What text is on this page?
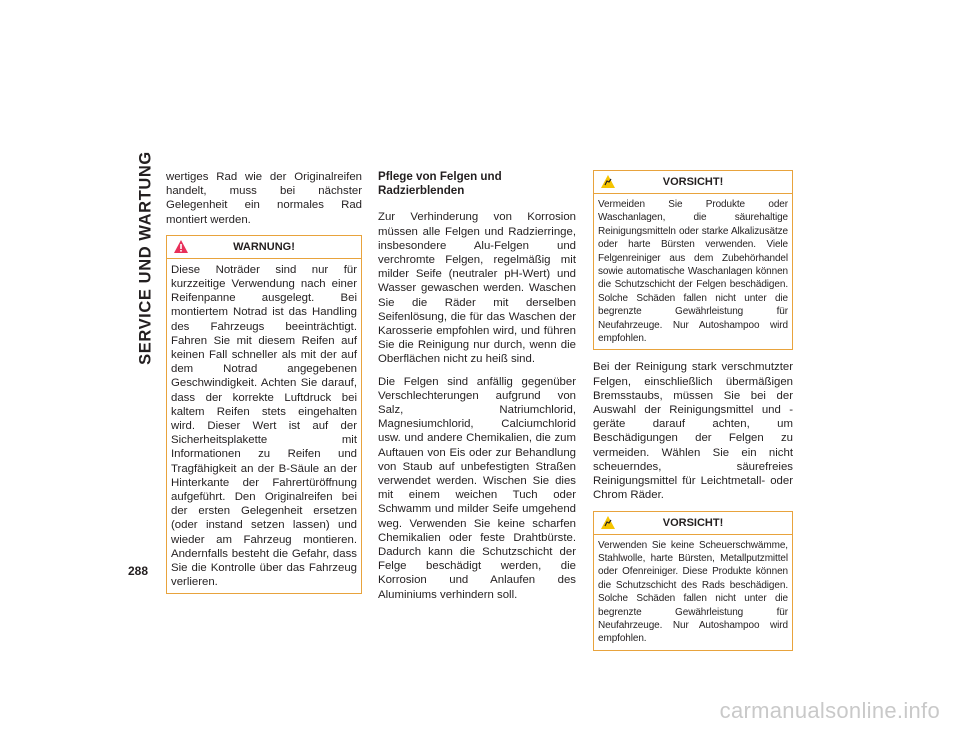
SERVICE UND WARTUNG
288

wertiges Rad wie der Originalreifen handelt, muss bei nächster Gelegenheit ein normales Rad montiert werden.

WARNUNG!

Diese Noträder sind nur für kurzzeitige Verwendung nach einer Reifenpanne ausgelegt. Bei montiertem Notrad ist das Handling des Fahrzeugs beeinträchtigt. Fahren Sie mit diesem Reifen auf keinen Fall schneller als mit der auf dem Notrad angegebenen Geschwindigkeit. Achten Sie darauf, dass der korrekte Luftdruck bei kaltem Reifen stets eingehalten wird. Dieser Wert ist auf der Sicherheitsplakette mit Informationen zu Reifen und Tragfähigkeit an der B-Säule an der Hinterkante der Fahrertüröffnung aufgeführt. Den Originalreifen bei der ersten Gelegenheit ersetzen (oder instand setzen lassen) und wieder am Fahrzeug montieren. Andernfalls besteht die Gefahr, dass Sie die Kontrolle über das Fahrzeug verlieren.

Pflege von Felgen und Radzierblenden

Zur Verhinderung von Korrosion müssen alle Felgen und Radzierringe, insbesondere Alu-Felgen und verchromte Felgen, regelmäßig mit milder Seife (neutraler pH-Wert) und Wasser gewaschen werden. Waschen Sie die Räder mit derselben Seifenlösung, die für das Waschen der Karosserie empfohlen wird, und führen Sie die Reinigung nur durch, wenn die Oberflächen nicht zu heiß sind.

Die Felgen sind anfällig gegenüber Verschlechterungen aufgrund von Salz, Natriumchlorid, Magnesiumchlorid, Calciumchlorid usw. und andere Chemikalien, die zum Auftauen von Eis oder zur Behandlung von Staub auf unbefestigten Straßen verwendet werden. Wischen Sie dies mit einem weichen Tuch oder Schwamm und milder Seife umgehend weg. Verwenden Sie keine scharfen Chemikalien oder feste Drahtbürste. Dadurch kann die Schutzschicht der Felge beschädigt werden, die Korrosion und Anlaufen des Aluminiums verhindern soll.

VORSICHT!

Vermeiden Sie Produkte oder Waschanlagen, die säurehaltige Reinigungsmitteln oder starke Alkalizusätze oder harte Bürsten verwenden. Viele Felgenreiniger aus dem Zubehörhandel sowie automatische Waschanlagen können die Schutzschicht der Felgen beschädigen. Solche Schäden fallen nicht unter die begrenzte Gewährleistung für Neufahrzeuge. Nur Autoshampoo wird empfohlen.

Bei der Reinigung stark verschmutzter Felgen, einschließlich übermäßigen Bremsstaubs, müssen Sie bei der Auswahl der Reinigungsmittel und -geräte darauf achten, um Beschädigungen der Felgen zu vermeiden. Wählen Sie ein nicht scheuerndes, säurefreies Reinigungsmittel für Leichtmetall- oder Chrom Räder.

VORSICHT!

Verwenden Sie keine Scheuerschwämme, Stahlwolle, harte Bürsten, Metallputzmittel oder Ofenreiniger. Diese Produkte können die Schutzschicht des Rads beschädigen. Solche Schäden fallen nicht unter die begrenzte Gewährleistung für Neufahrzeuge. Nur Autoshampoo wird empfohlen.

carmanualsonline.info
